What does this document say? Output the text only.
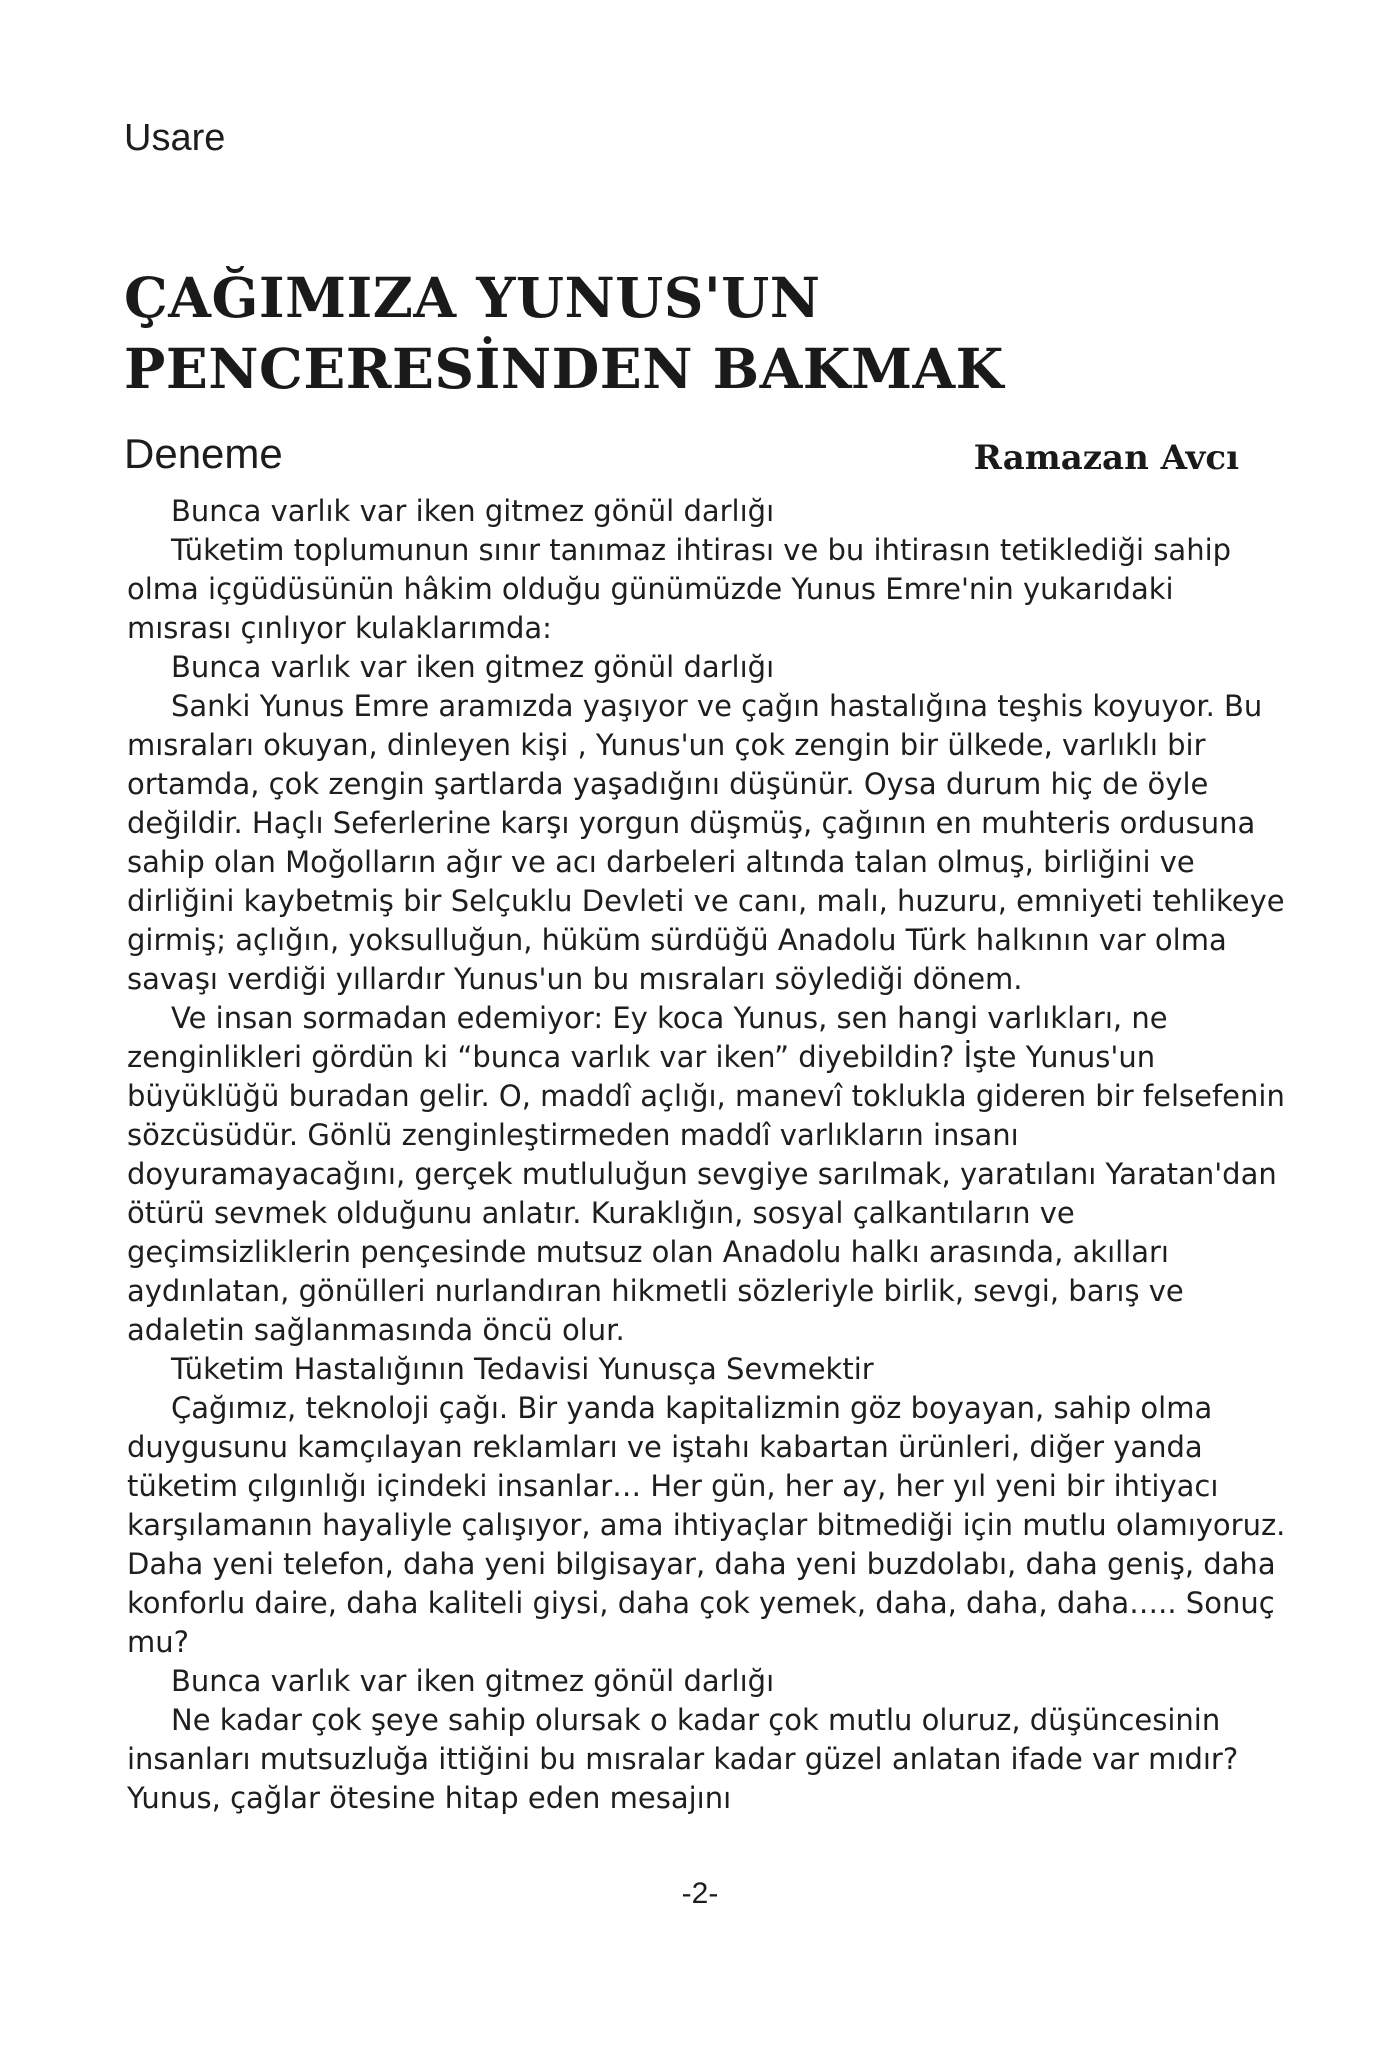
Usare
ÇAĞIMIZA YUNUS'UN
PENCERESİNDEN BAKMAK
Deneme	Ramazan Avcı

Bunca varlık var iken gitmez gönül darlığı

Tüketim toplumunun sınır tanımaz ihtirası ve bu ihtirasın tetiklediği sahip olma içgüdüsünün hâkim olduğu günümüzde Yunus Emre'nin yukarıdaki mısrası çınlıyor kulaklarımda:

Bunca varlık var iken gitmez gönül darlığı

Sanki Yunus Emre aramızda yaşıyor ve çağın hastalığına teşhis koyuyor. Bu mısraları okuyan, dinleyen kişi , Yunus'un çok zengin bir ülkede, varlıklı bir ortamda, çok zengin şartlarda yaşadığını düşünür. Oysa durum hiç de öyle değildir. Haçlı Seferlerine karşı yorgun düşmüş, çağının en muhteris ordusuna sahip olan Moğolların ağır ve acı darbeleri altında talan olmuş, birliğini ve dirliğini kaybetmiş bir Selçuklu Devleti ve canı, malı, huzuru, emniyeti tehlikeye girmiş; açlığın, yoksulluğun, hüküm sürdüğü Anadolu Türk halkının var olma savaşı verdiği yıllardır Yunus'un bu mısraları söylediği dönem.

Ve insan sormadan edemiyor: Ey koca Yunus, sen hangi varlıkları, ne zenginlikleri gördün ki “bunca varlık var iken” diyebildin? İşte Yunus'un büyüklüğü buradan gelir. O, maddî açlığı, manevî toklukla gideren bir felsefenin sözcüsüdür. Gönlü zenginleştirmeden maddî varlıkların insanı doyuramayacağını, gerçek mutluluğun sevgiye sarılmak, yaratılanı Yaratan'dan ötürü sevmek olduğunu anlatır. Kuraklığın, sosyal çalkantıların ve geçimsizliklerin pençesinde mutsuz olan Anadolu halkı arasında, akılları aydınlatan, gönülleri nurlandıran hikmetli sözleriyle birlik, sevgi, barış ve adaletin sağlanmasında öncü olur.

Tüketim Hastalığının Tedavisi Yunusça Sevmektir

Çağımız, teknoloji çağı. Bir yanda kapitalizmin göz boyayan, sahip olma duygusunu kamçılayan reklamları ve iştahı kabartan ürünleri, diğer yanda tüketim çılgınlığı içindeki insanlar… Her gün, her ay, her yıl yeni bir ihtiyacı karşılamanın hayaliyle çalışıyor, ama ihtiyaçlar bitmediği için mutlu olamıyoruz. Daha yeni telefon, daha yeni bilgisayar, daha yeni buzdolabı, daha geniş, daha konforlu daire, daha kaliteli giysi, daha çok yemek, daha, daha, daha….. Sonuç mu?

Bunca varlık var iken gitmez gönül darlığı

Ne kadar çok şeye sahip olursak o kadar çok mutlu oluruz, düşüncesinin insanları mutsuzluğa ittiğini bu mısralar kadar güzel anlatan ifade var mıdır? Yunus, çağlar ötesine hitap eden mesajını

-2-
